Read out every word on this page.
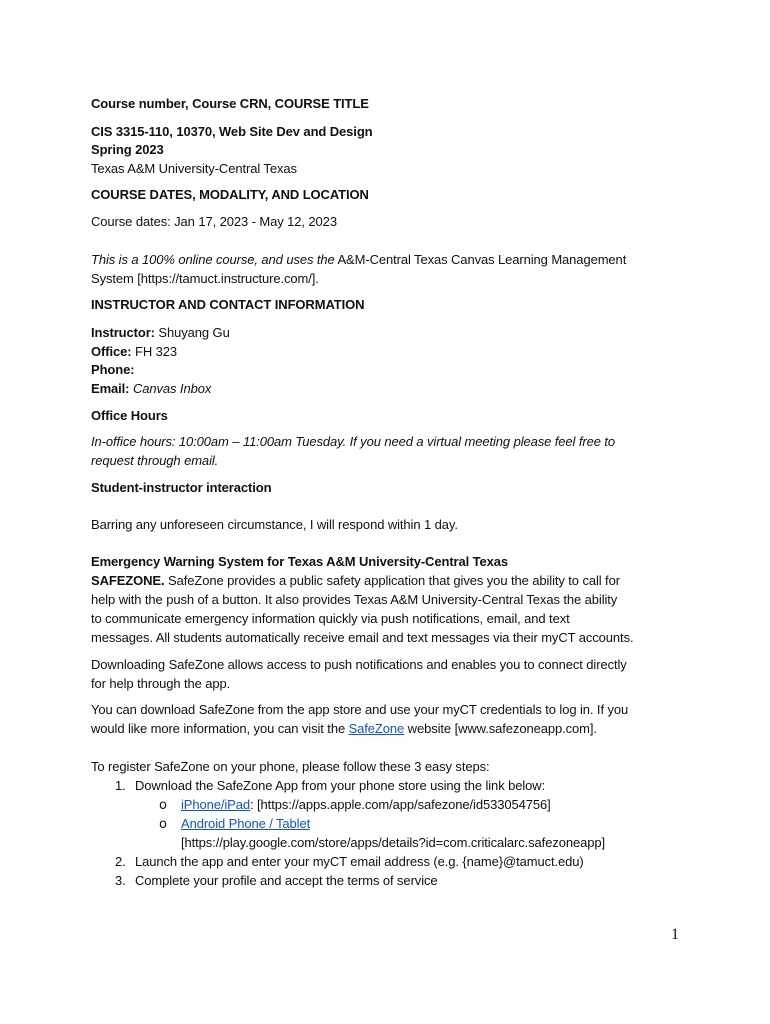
Course number, Course CRN, COURSE TITLE

CIS 3315-110, 10370, Web Site Dev and Design

Spring 2023

Texas A&M University-Central Texas

COURSE DATES, MODALITY, AND LOCATION

Course dates: Jan 17, 2023 - May 12, 2023

This is a 100% online course, and uses the A&M-Central Texas Canvas Learning Management

System [https://tamuct.instructure.com/].

INSTRUCTOR AND CONTACT INFORMATION

Instructor: Shuyang Gu

Office: FH 323

Phone:

Email: Canvas Inbox

Office Hours

In-office hours: 10:00am – 11:00am Tuesday. If you need a virtual meeting please feel free to

request through email.

Student-instructor interaction

Barring any unforeseen circumstance, I will respond within 1 day.

Emergency Warning System for Texas A&M University-Central Texas

SAFEZONE. SafeZone provides a public safety application that gives you the ability to call for

help with the push of a button. It also provides Texas A&M University-Central Texas the ability

to communicate emergency information quickly via push notifications, email, and text

messages. All students automatically receive email and text messages via their myCT accounts.

Downloading SafeZone allows access to push notifications and enables you to connect directly

for help through the app.

You can download SafeZone from the app store and use your myCT credentials to log in. If you

would like more information, you can visit the SafeZone website [www.safezoneapp.com].

To register SafeZone on your phone, please follow these 3 easy steps:

1. Download the SafeZone App from your phone store using the link below:

o iPhone/iPad: [https://apps.apple.com/app/safezone/id533054756]

o Android Phone / Tablet

[https://play.google.com/store/apps/details?id=com.criticalarc.safezoneapp]

2. Launch the app and enter your myCT email address (e.g. {name}@tamuct.edu)

3. Complete your profile and accept the terms of service

1
